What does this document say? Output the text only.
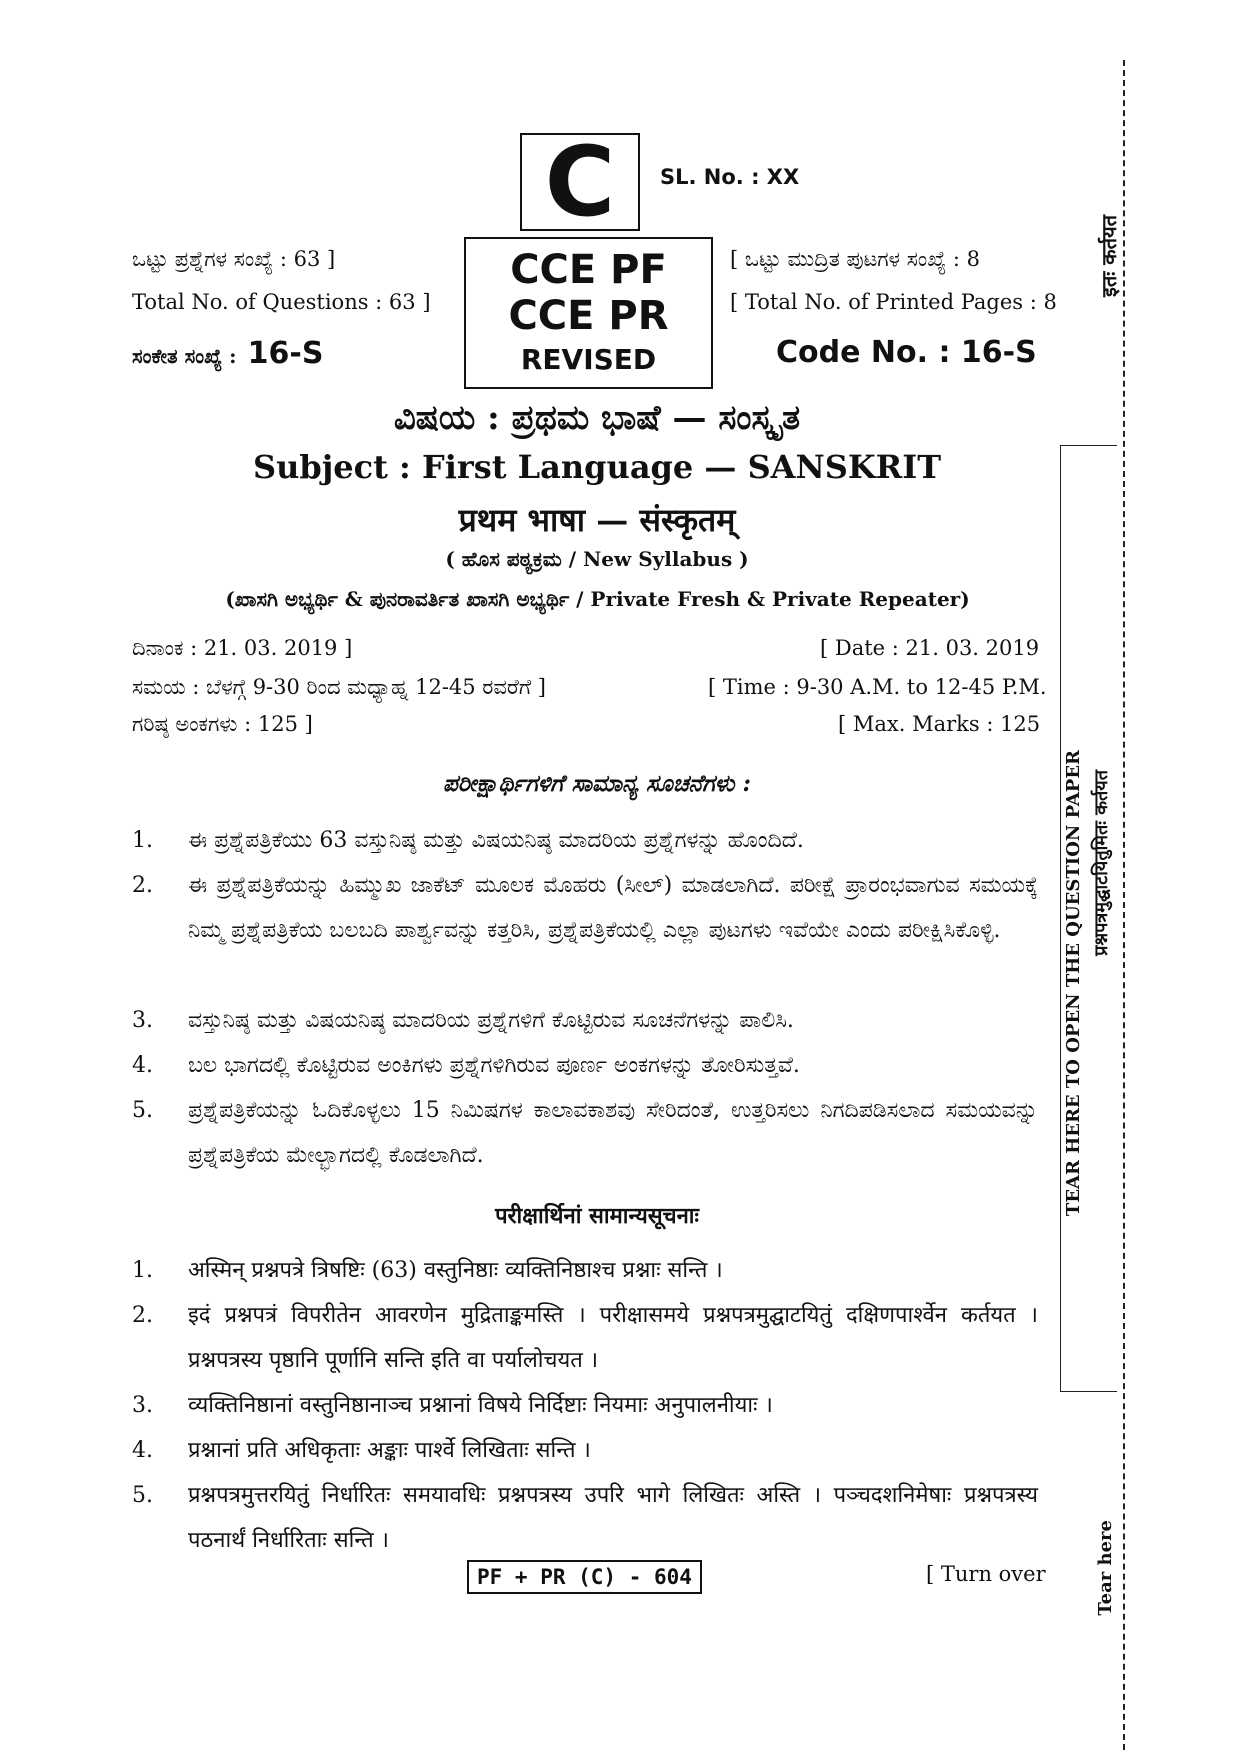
C SL. No. : XX
CCE PF
CCE PR
REVISED
ಒಟ್ಟು ಪ್ರಶ್ನೆಗಳ ಸಂಖ್ಯೆ : 63 ]
Total No. of Questions : 63 ]
ಸಂಕೇತ ಸಂಖ್ಯೆ : 16-S
[ ಒಟ್ಟು ಮುದ್ರಿತ ಪುಟಗಳ ಸಂಖ್ಯೆ : 8
[ Total No. of Printed Pages : 8
Code No. : 16-S
ವಿಷಯ : ಪ್ರಥಮ ಭಾಷೆ — ಸಂಸ್ಕೃತ
Subject : First Language — SANSKRIT
प्रथम भाषा — संस्कृतम्
( ಹೊಸ ಪಠ್ಯಕ್ರಮ / New Syllabus )
(ಖಾಸಗಿ ಅಭ್ಯರ್ಥಿ & ಪುನರಾವರ್ತಿತ ಖಾಸಗಿ ಅಭ್ಯರ್ಥಿ / Private Fresh & Private Repeater)
ದಿನಾಂಕ : 21. 03. 2019 ]	[ Date : 21. 03. 2019
ಸಮಯ : ಬೆಳಗ್ಗೆ 9-30 ರಿಂದ ಮಧ್ಯಾಹ್ನ 12-45 ರವರೆಗೆ ]	[ Time : 9-30 A.M. to 12-45 P.M.
ಗರಿಷ್ಠ ಅಂಕಗಳು : 125 ]	[ Max. Marks : 125
ಪರೀಕ್ಷಾರ್ಥಿಗಳಿಗೆ ಸಾಮಾನ್ಯ ಸೂಚನೆಗಳು :
1. ಈ ಪ್ರಶ್ನೆಪತ್ರಿಕೆಯು 63 ವಸ್ತುನಿಷ್ಠ ಮತ್ತು ವಿಷಯನಿಷ್ಠ ಮಾದರಿಯ ಪ್ರಶ್ನೆಗಳನ್ನು ಹೊಂದಿದೆ.
2. ಈ ಪ್ರಶ್ನೆಪತ್ರಿಕೆಯನ್ನು ಹಿಮ್ಮುಖ ಜಾಕೆಟ್ ಮೂಲಕ ಮೊಹರು (ಸೀಲ್) ಮಾಡಲಾಗಿದೆ. ಪರೀಕ್ಷೆ ಪ್ರಾರಂಭವಾಗುವ ಸಮಯಕ್ಕೆ ನಿಮ್ಮ ಪ್ರಶ್ನೆಪತ್ರಿಕೆಯ ಬಲಬದಿ ಪಾರ್ಶ್ವವನ್ನು ಕತ್ತರಿಸಿ, ಪ್ರಶ್ನೆಪತ್ರಿಕೆಯಲ್ಲಿ ಎಲ್ಲಾ ಪುಟಗಳು ಇವೆಯೇ ಎಂದು ಪರೀಕ್ಷಿಸಿಕೊಳ್ಳಿ.
3. ವಸ್ತುನಿಷ್ಠ ಮತ್ತು ವಿಷಯನಿಷ್ಠ ಮಾದರಿಯ ಪ್ರಶ್ನೆಗಳಿಗೆ ಕೊಟ್ಟಿರುವ ಸೂಚನೆಗಳನ್ನು ಪಾಲಿಸಿ.
4. ಬಲ ಭಾಗದಲ್ಲಿ ಕೊಟ್ಟಿರುವ ಅಂಕಿಗಳು ಪ್ರಶ್ನೆಗಳಿಗಿರುವ ಪೂರ್ಣ ಅಂಕಗಳನ್ನು ತೋರಿಸುತ್ತವೆ.
5. ಪ್ರಶ್ನೆಪತ್ರಿಕೆಯನ್ನು ಓದಿಕೊಳ್ಳಲು 15 ನಿಮಿಷಗಳ ಕಾಲಾವಕಾಶವು ಸೇರಿದಂತೆ, ಉತ್ತರಿಸಲು ನಿಗದಿಪಡಿಸಲಾದ ಸಮಯವನ್ನು ಪ್ರಶ್ನೆಪತ್ರಿಕೆಯ ಮೇಲ್ಭಾಗದಲ್ಲಿ ಕೊಡಲಾಗಿದೆ.
परीक्षार्थिनां सामान्यसूचनाः
1. अस्मिन् प्रश्नपत्रे त्रिषष्टिः (63) वस्तुनिष्ठाः व्यक्तिनिष्ठाश्च प्रश्नाः सन्ति ।
2. इदं प्रश्नपत्रं विपरीतेन आवरणेन मुद्रिताङ्कमस्ति । परीक्षासमये प्रश्नपत्रमुद्घाटयितुं दक्षिणपार्श्वेन कर्तयत । प्रश्नपत्रस्य पृष्ठानि पूर्णानि सन्ति इति वा पर्यालोचयत ।
3. व्यक्तिनिष्ठानां वस्तुनिष्ठानाञ्च प्रश्नानां विषये निर्दिष्टाः नियमाः अनुपालनीयाः ।
4. प्रश्नानां प्रति अधिकृताः अङ्काः पार्श्वे लिखिताः सन्ति ।
5. प्रश्नपत्रमुत्तरयितुं निर्धारितः समयावधिः प्रश्नपत्रस्य उपरि भागे लिखितः अस्ति । पञ्चदशनिमेषाः प्रश्नपत्रस्य पठनार्थं निर्धारिताः सन्ति ।
PF + PR (C) - 604	[ Turn over
इतः कर्तयत
TEAR HERE TO OPEN THE QUESTION PAPER प्रश्नपत्रमुद्घाटयितुमितः कर्तयत
Tear here
